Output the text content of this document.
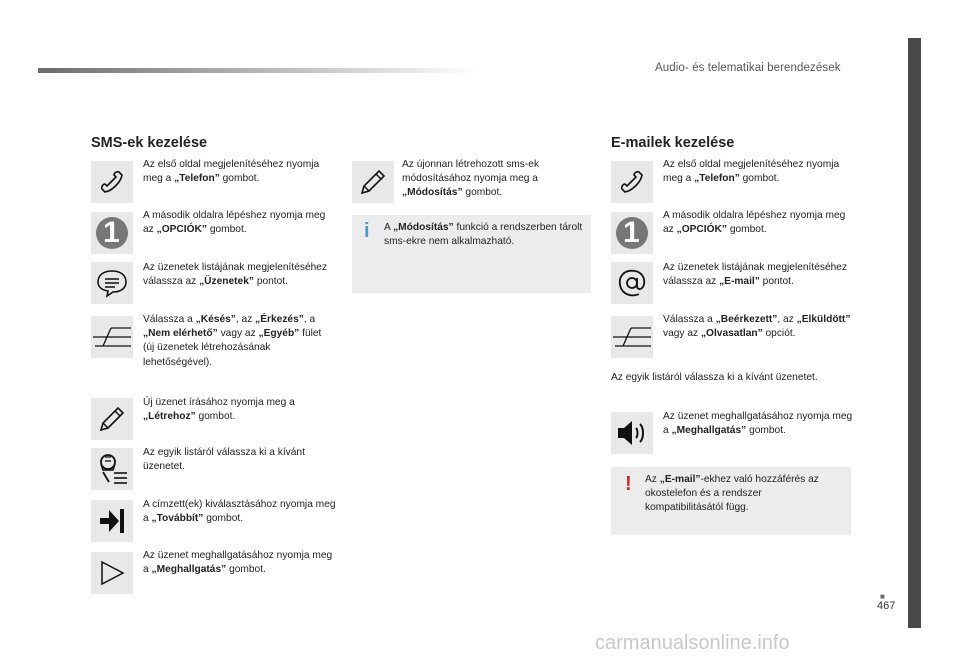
Audio- és telematikai berendezések
■
467
SMS-ek kezelése
Az első oldal megjelenítéséhez nyomja meg a „Telefon” gombot.
1
A második oldalra lépéshez nyomja meg az „OPCIÓK” gombot.
Az üzenetek listájának megjelenítéséhez válassza az „Üzenetek” pontot.
Válassza a „Késés”, az „Érkezés”, a „Nem elérhető” vagy az „Egyéb” fület (új üzenetek létrehozásának lehetőségével).
Új üzenet írásához nyomja meg a „Létrehoz” gombot.
Az egyik listáról válassza ki a kívánt üzenetet.
A címzett(ek) kiválasztásához nyomja meg a „Továbbít” gombot.
Az üzenet meghallgatásához nyomja meg a „Meghallgatás” gombot.
Az újonnan létrehozott sms-ek módosításához nyomja meg a „Módosítás” gombot.
i A „Módosítás” funkció a rendszerben tárolt sms-ekre nem alkalmazható.
E-mailek kezelése
Az első oldal megjelenítéséhez nyomja meg a „Telefon” gombot.
1
A második oldalra lépéshez nyomja meg az „OPCIÓK” gombot.
Az üzenetek listájának megjelenítéséhez válassza az „E-mail” pontot.
Válassza a „Beérkezett”, az „Elküldött” vagy az „Olvasatlan” opciót.
Az egyik listáról válassza ki a kívánt üzenetet.
Az üzenet meghallgatásához nyomja meg a „Meghallgatás” gombot.
! Az „E-mail”-ekhez való hozzáférés az okostelefon és a rendszer kompatibilitásától függ.
carmanualsonline.info
